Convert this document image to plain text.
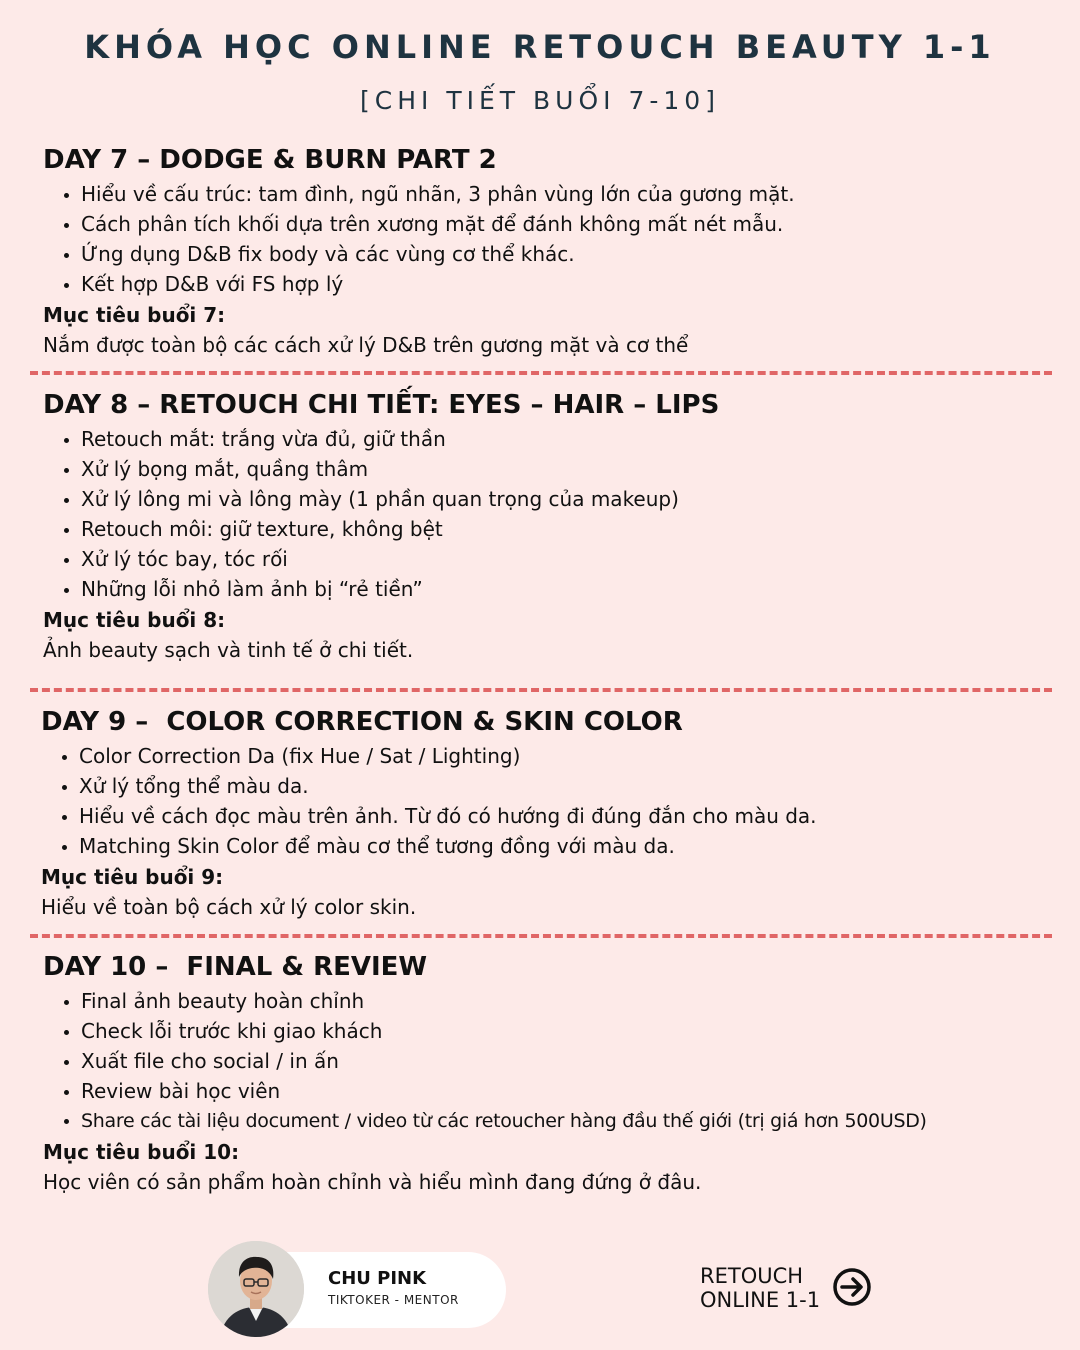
KHÓA HỌC ONLINE RETOUCH BEAUTY 1-1
[CHI TIẾT BUỔI 7-10]
DAY 7 – DODGE & BURN PART 2
• Hiểu về cấu trúc: tam đình, ngũ nhãn, 3 phân vùng lớn của gương mặt.
• Cách phân tích khối dựa trên xương mặt để đánh không mất nét mẫu.
• Ứng dụng D&B fix body và các vùng cơ thể khác.
• Kết hợp D&B với FS hợp lý
Mục tiêu buổi 7:
Nắm được toàn bộ các cách xử lý D&B trên gương mặt và cơ thể
DAY 8 – RETOUCH CHI TIẾT: EYES – HAIR – LIPS
• Retouch mắt: trắng vừa đủ, giữ thần
• Xử lý bọng mắt, quầng thâm
• Xử lý lông mi và lông mày (1 phần quan trọng của makeup)
• Retouch môi: giữ texture, không bệt
• Xử lý tóc bay, tóc rối
• Những lỗi nhỏ làm ảnh bị “rẻ tiền”
Mục tiêu buổi 8:
Ảnh beauty sạch và tinh tế ở chi tiết.
DAY 9 –  COLOR CORRECTION & SKIN COLOR
• Color Correction Da (fix Hue / Sat / Lighting)
• Xử lý tổng thể màu da.
• Hiểu về cách đọc màu trên ảnh. Từ đó có hướng đi đúng đắn cho màu da.
• Matching Skin Color để màu cơ thể tương đồng với màu da.
Mục tiêu buổi 9:
Hiểu về toàn bộ cách xử lý color skin.
DAY 10 –  FINAL & REVIEW
• Final ảnh beauty hoàn chỉnh
• Check lỗi trước khi giao khách
• Xuất file cho social / in ấn
• Review bài học viên
• Share các tài liệu document / video từ các retoucher hàng đầu thế giới (trị giá hơn 500USD)
Mục tiêu buổi 10:
Học viên có sản phẩm hoàn chỉnh và hiểu mình đang đứng ở đâu.
CHU PINK
TIKTOKER - MENTOR
RETOUCH
ONLINE 1-1
